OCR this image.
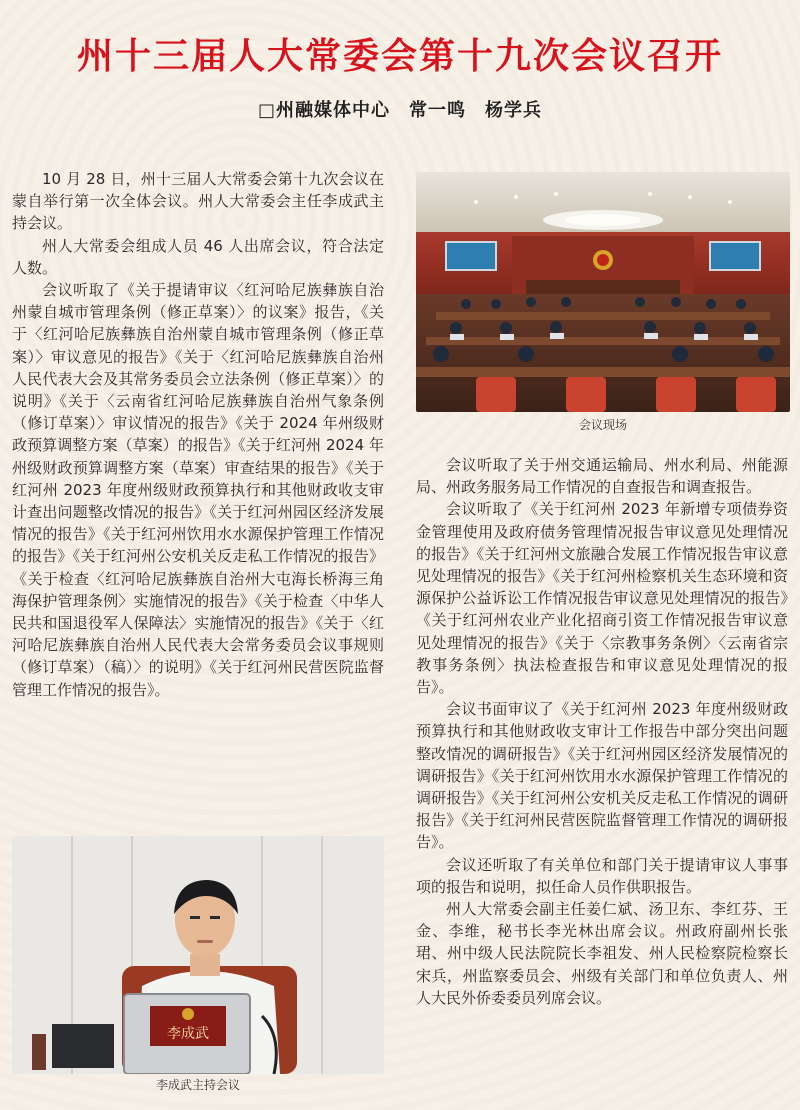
州十三届人大常委会第十九次会议召开
□州融媒体中心　常一鸣　杨学兵

10 月 28 日，州十三届人大常委会第十九次会议在蒙自举行第一次全体会议。州人大常委会主任李成武主持会议。

州人大常委会组成人员 46 人出席会议，符合法定人数。

会议听取了《关于提请审议〈红河哈尼族彝族自治州蒙自城市管理条例（修正草案）〉的议案》报告，《关于〈红河哈尼族彝族自治州蒙自城市管理条例（修正草案）〉审议意见的报告》《关于〈红河哈尼族彝族自治州人民代表大会及其常务委员会立法条例（修正草案）〉的说明》《关于〈云南省红河哈尼族彝族自治州气象条例（修订草案）〉审议情况的报告》《关于 2024 年州级财政预算调整方案（草案）的报告》《关于红河州 2024 年州级财政预算调整方案（草案）审查结果的报告》《关于红河州 2023 年度州级财政预算执行和其他财政收支审计查出问题整改情况的报告》《关于红河州园区经济发展情况的报告》《关于红河州饮用水水源保护管理工作情况的报告》《关于红河州公安机关反走私工作情况的报告》《关于检查〈红河哈尼族彝族自治州大屯海长桥海三角海保护管理条例〉实施情况的报告》《关于检查〈中华人民共和国退役军人保障法〉实施情况的报告》《关于〈红河哈尼族彝族自治州人民代表大会常务委员会议事规则（修订草案）（稿）〉的说明》《关于红河州民营医院监督管理工作情况的报告》。

会议现场

会议听取了关于州交通运输局、州水利局、州能源局、州政务服务局工作情况的自查报告和调查报告。

会议听取了《关于红河州 2023 年新增专项债券资金管理使用及政府债务管理情况报告审议意见处理情况的报告》《关于红河州文旅融合发展工作情况报告审议意见处理情况的报告》《关于红河州检察机关生态环境和资源保护公益诉讼工作情况报告审议意见处理情况的报告》《关于红河州农业产业化招商引资工作情况报告审议意见处理情况的报告》《关于〈宗教事务条例〉〈云南省宗教事务条例〉执法检查报告和审议意见处理情况的报告》。

会议书面审议了《关于红河州 2023 年度州级财政预算执行和其他财政收支审计工作报告中部分突出问题整改情况的调研报告》《关于红河州园区经济发展情况的调研报告》《关于红河州饮用水水源保护管理工作情况的调研报告》《关于红河州公安机关反走私工作情况的调研报告》《关于红河州民营医院监督管理工作情况的调研报告》。

会议还听取了有关单位和部门关于提请审议人事事项的报告和说明，拟任命人员作供职报告。

州人大常委会副主任姜仁斌、汤卫东、李红芬、王金、李维，秘书长李光林出席会议。州政府副州长张珺、州中级人民法院院长李祖发、州人民检察院检察长宋兵，州监察委员会、州级有关部门和单位负责人、州人大民外侨委委员列席会议。

李成武
李成武主持会议
